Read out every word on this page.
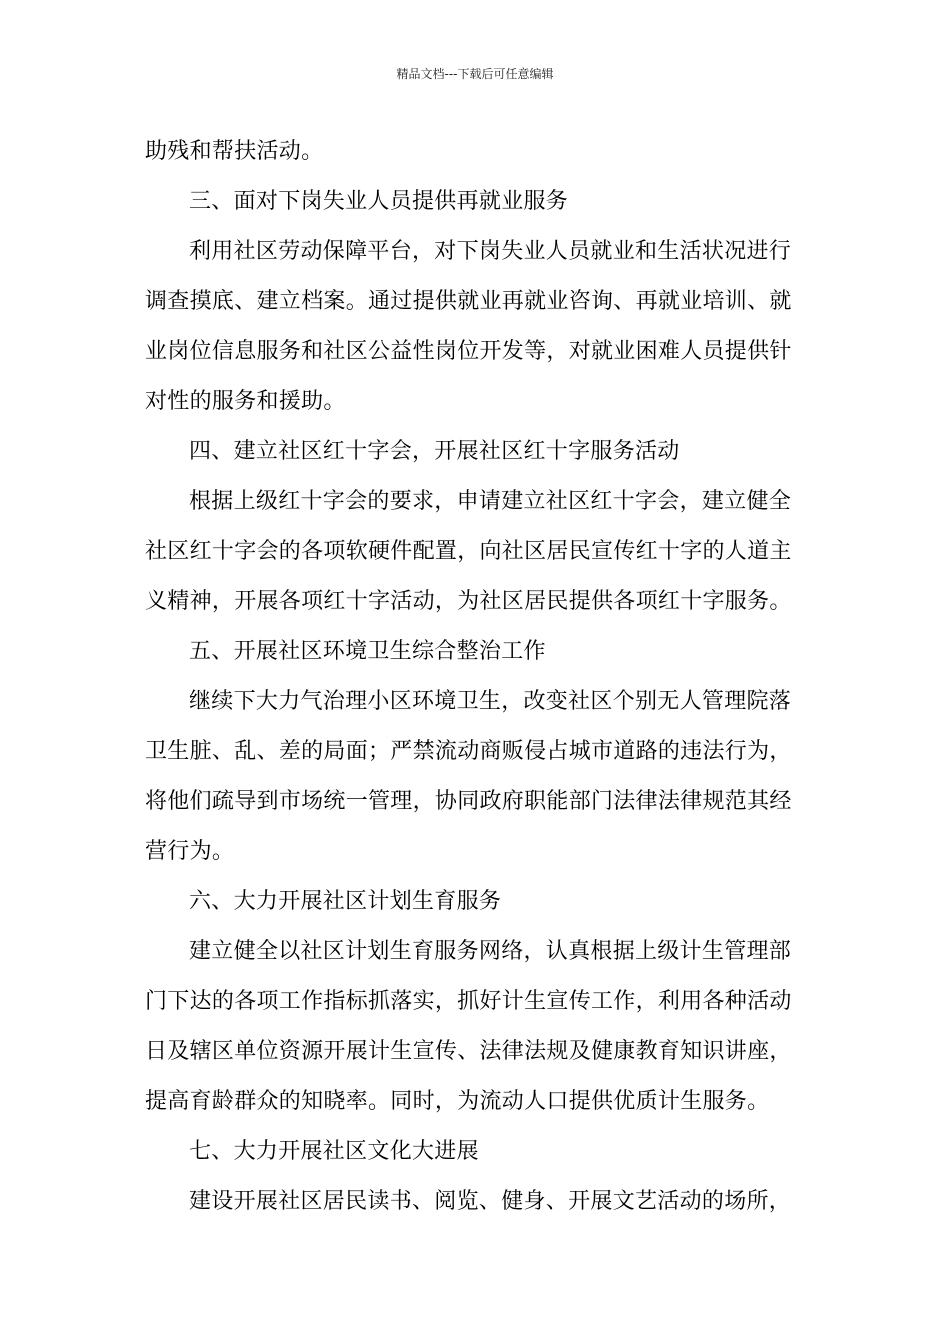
精品文档---下载后可任意编辑
助残和帮扶活动。
三、面对下岗失业人员提供再就业服务
利用社区劳动保障平台，对下岗失业人员就业和生活状况进行
调查摸底、建立档案。通过提供就业再就业咨询、再就业培训、就
业岗位信息服务和社区公益性岗位开发等，对就业困难人员提供针
对性的服务和援助。
四、建立社区红十字会，开展社区红十字服务活动
根据上级红十字会的要求，申请建立社区红十字会，建立健全
社区红十字会的各项软硬件配置，向社区居民宣传红十字的人道主
义精神，开展各项红十字活动，为社区居民提供各项红十字服务。
五、开展社区环境卫生综合整治工作
继续下大力气治理小区环境卫生，改变社区个别无人管理院落
卫生脏、乱、差的局面；严禁流动商贩侵占城市道路的违法行为，
将他们疏导到市场统一管理，协同政府职能部门法律法律规范其经
营行为。
六、大力开展社区计划生育服务
建立健全以社区计划生育服务网络，认真根据上级计生管理部
门下达的各项工作指标抓落实，抓好计生宣传工作，利用各种活动
日及辖区单位资源开展计生宣传、法律法规及健康教育知识讲座，
提高育龄群众的知晓率。同时，为流动人口提供优质计生服务。
七、大力开展社区文化大进展
建设开展社区居民读书、阅览、健身、开展文艺活动的场所，
